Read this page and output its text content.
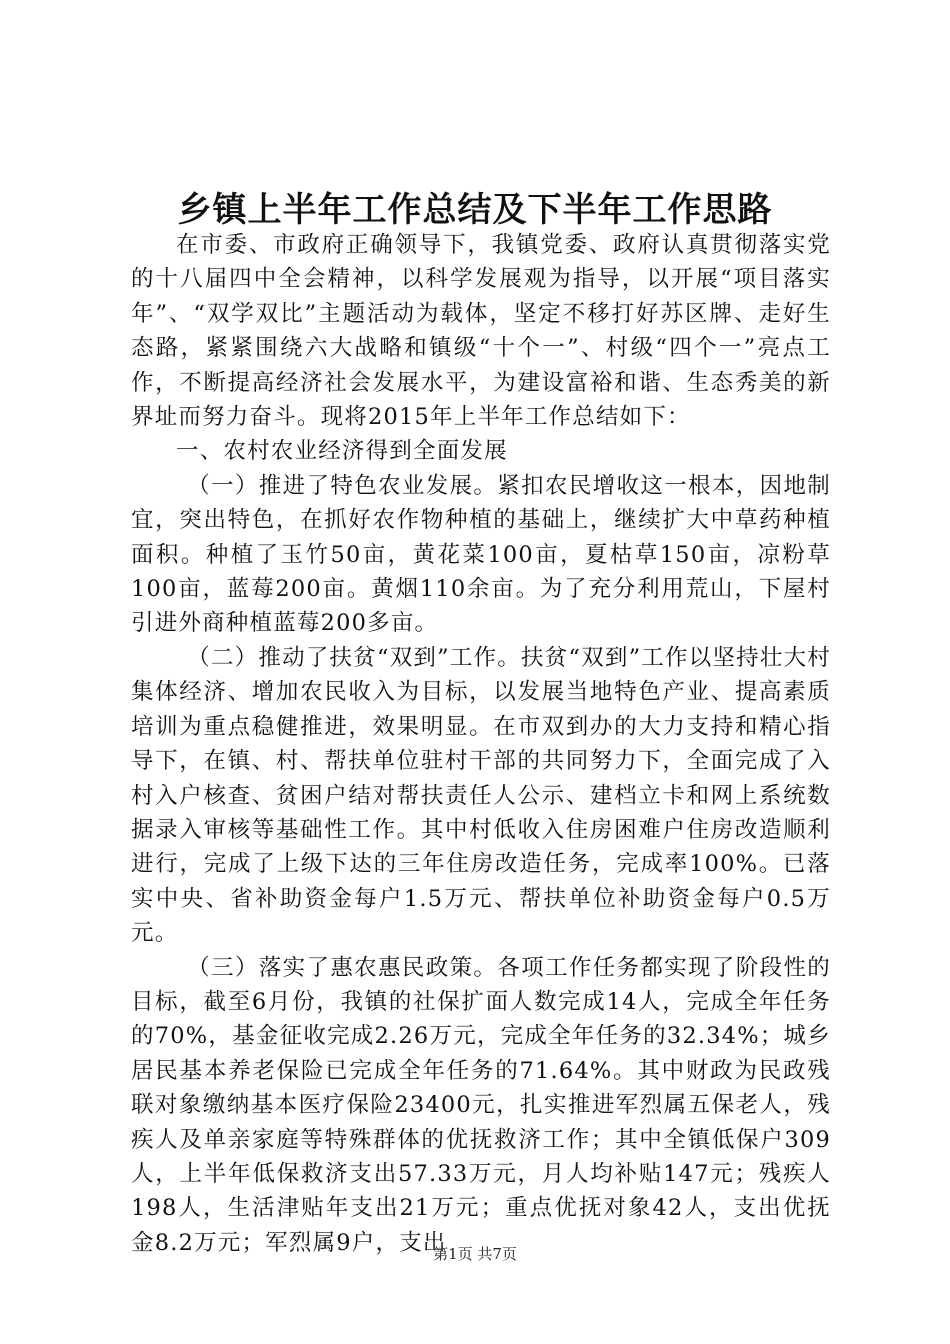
乡镇上半年工作总结及下半年工作思路

在市委、市政府正确领导下，我镇党委、政府认真贯彻落实党的十八届四中全会精神，以科学发展观为指导，以开展“项目落实年”、“双学双比”主题活动为载体，坚定不移打好苏区牌、走好生态路，紧紧围绕六大战略和镇级“十个一”、村级“四个一”亮点工作，不断提高经济社会发展水平，为建设富裕和谐、生态秀美的新界址而努力奋斗。现将2015年上半年工作总结如下：

一、农村农业经济得到全面发展

（一）推进了特色农业发展。紧扣农民增收这一根本，因地制宜，突出特色，在抓好农作物种植的基础上，继续扩大中草药种植面积。种植了玉竹50亩，黄花菜100亩，夏枯草150亩，凉粉草100亩，蓝莓200亩。黄烟110余亩。为了充分利用荒山，下屋村引进外商种植蓝莓200多亩。

（二）推动了扶贫“双到”工作。扶贫“双到”工作以坚持壮大村集体经济、增加农民收入为目标，以发展当地特色产业、提高素质培训为重点稳健推进，效果明显。在市双到办的大力支持和精心指导下，在镇、村、帮扶单位驻村干部的共同努力下，全面完成了入村入户核查、贫困户结对帮扶责任人公示、建档立卡和网上系统数据录入审核等基础性工作。其中村低收入住房困难户住房改造顺利进行，完成了上级下达的三年住房改造任务，完成率100%。已落实中央、省补助资金每户1.5万元、帮扶单位补助资金每户0.5万元。

（三）落实了惠农惠民政策。各项工作任务都实现了阶段性的目标，截至6月份，我镇的社保扩面人数完成14人，完成全年任务的70%，基金征收完成2.26万元，完成全年任务的32.34%；城乡居民基本养老保险已完成全年任务的71.64%。其中财政为民政残联对象缴纳基本医疗保险23400元，扎实推进军烈属五保老人，残疾人及单亲家庭等特殊群体的优抚救济工作；其中全镇低保户309人，上半年低保救济支出57.33万元，月人均补贴147元；残疾人198人，生活津贴年支出21万元；重点优抚对象42人，支出优抚金8.2万元；军烈属9户，支出

第1页 共7页
